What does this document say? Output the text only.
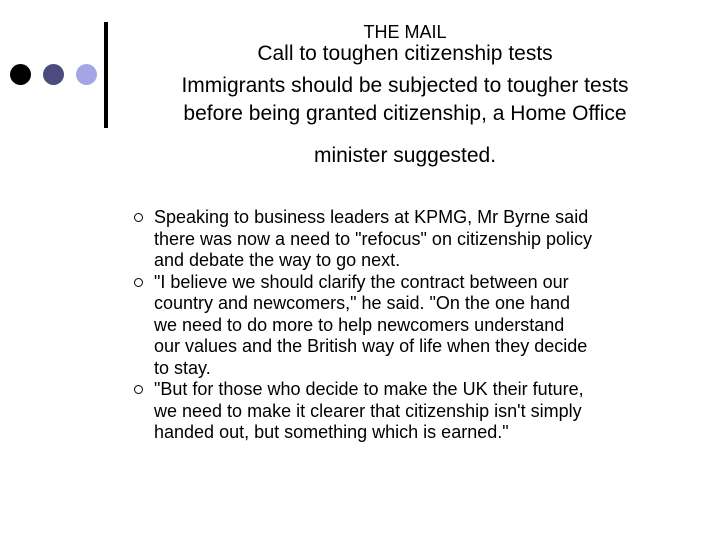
THE MAIL
Call to toughen citizenship tests
Immigrants should be subjected to tougher tests
before being granted citizenship, a Home Office
minister suggested.
Speaking to business leaders at KPMG, Mr Byrne said
there was now a need to "refocus" on citizenship policy
and debate the way to go next.
"I believe we should clarify the contract between our
country and newcomers," he said. "On the one hand
we need to do more to help newcomers understand
our values and the British way of life when they decide
to stay.
"But for those who decide to make the UK their future,
we need to make it clearer that citizenship isn't simply
handed out, but something which is earned."
